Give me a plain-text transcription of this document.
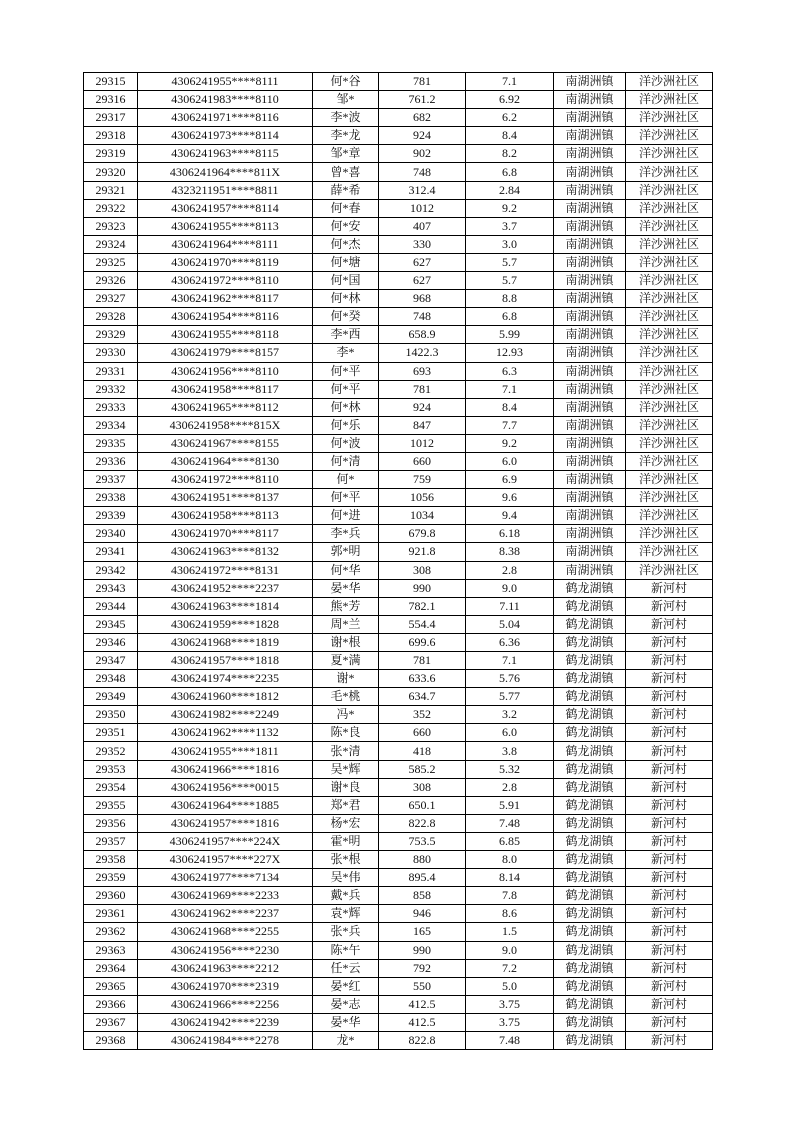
29315	4306241955****8111	何*谷	781	7.1	南湖洲镇	洋沙洲社区
29316	4306241983****8110	邹*	761.2	6.92	南湖洲镇	洋沙洲社区
29317	4306241971****8116	李*波	682	6.2	南湖洲镇	洋沙洲社区
29318	4306241973****8114	李*龙	924	8.4	南湖洲镇	洋沙洲社区
29319	4306241963****8115	邹*章	902	8.2	南湖洲镇	洋沙洲社区
29320	4306241964****811X	曾*喜	748	6.8	南湖洲镇	洋沙洲社区
29321	4323211951****8811	薛*希	312.4	2.84	南湖洲镇	洋沙洲社区
29322	4306241957****8114	何*春	1012	9.2	南湖洲镇	洋沙洲社区
29323	4306241955****8113	何*安	407	3.7	南湖洲镇	洋沙洲社区
29324	4306241964****8111	何*杰	330	3.0	南湖洲镇	洋沙洲社区
29325	4306241970****8119	何*塘	627	5.7	南湖洲镇	洋沙洲社区
29326	4306241972****8110	何*国	627	5.7	南湖洲镇	洋沙洲社区
29327	4306241962****8117	何*林	968	8.8	南湖洲镇	洋沙洲社区
29328	4306241954****8116	何*癸	748	6.8	南湖洲镇	洋沙洲社区
29329	4306241955****8118	李*西	658.9	5.99	南湖洲镇	洋沙洲社区
29330	4306241979****8157	李*	1422.3	12.93	南湖洲镇	洋沙洲社区
29331	4306241956****8110	何*平	693	6.3	南湖洲镇	洋沙洲社区
29332	4306241958****8117	何*平	781	7.1	南湖洲镇	洋沙洲社区
29333	4306241965****8112	何*林	924	8.4	南湖洲镇	洋沙洲社区
29334	4306241958****815X	何*乐	847	7.7	南湖洲镇	洋沙洲社区
29335	4306241967****8155	何*波	1012	9.2	南湖洲镇	洋沙洲社区
29336	4306241964****8130	何*清	660	6.0	南湖洲镇	洋沙洲社区
29337	4306241972****8110	何*	759	6.9	南湖洲镇	洋沙洲社区
29338	4306241951****8137	何*平	1056	9.6	南湖洲镇	洋沙洲社区
29339	4306241958****8113	何*进	1034	9.4	南湖洲镇	洋沙洲社区
29340	4306241970****8117	李*兵	679.8	6.18	南湖洲镇	洋沙洲社区
29341	4306241963****8132	郭*明	921.8	8.38	南湖洲镇	洋沙洲社区
29342	4306241972****8131	何*华	308	2.8	南湖洲镇	洋沙洲社区
29343	4306241952****2237	晏*华	990	9.0	鹤龙湖镇	新河村
29344	4306241963****1814	熊*芳	782.1	7.11	鹤龙湖镇	新河村
29345	4306241959****1828	周*兰	554.4	5.04	鹤龙湖镇	新河村
29346	4306241968****1819	谢*根	699.6	6.36	鹤龙湖镇	新河村
29347	4306241957****1818	夏*满	781	7.1	鹤龙湖镇	新河村
29348	4306241974****2235	谢*	633.6	5.76	鹤龙湖镇	新河村
29349	4306241960****1812	毛*桃	634.7	5.77	鹤龙湖镇	新河村
29350	4306241982****2249	冯*	352	3.2	鹤龙湖镇	新河村
29351	4306241962****1132	陈*良	660	6.0	鹤龙湖镇	新河村
29352	4306241955****1811	张*清	418	3.8	鹤龙湖镇	新河村
29353	4306241966****1816	吴*辉	585.2	5.32	鹤龙湖镇	新河村
29354	4306241956****0015	谢*良	308	2.8	鹤龙湖镇	新河村
29355	4306241964****1885	郑*君	650.1	5.91	鹤龙湖镇	新河村
29356	4306241957****1816	杨*宏	822.8	7.48	鹤龙湖镇	新河村
29357	4306241957****224X	霍*明	753.5	6.85	鹤龙湖镇	新河村
29358	4306241957****227X	张*根	880	8.0	鹤龙湖镇	新河村
29359	4306241977****7134	吴*伟	895.4	8.14	鹤龙湖镇	新河村
29360	4306241969****2233	戴*兵	858	7.8	鹤龙湖镇	新河村
29361	4306241962****2237	袁*辉	946	8.6	鹤龙湖镇	新河村
29362	4306241968****2255	张*兵	165	1.5	鹤龙湖镇	新河村
29363	4306241956****2230	陈*午	990	9.0	鹤龙湖镇	新河村
29364	4306241963****2212	任*云	792	7.2	鹤龙湖镇	新河村
29365	4306241970****2319	晏*红	550	5.0	鹤龙湖镇	新河村
29366	4306241966****2256	晏*志	412.5	3.75	鹤龙湖镇	新河村
29367	4306241942****2239	晏*华	412.5	3.75	鹤龙湖镇	新河村
29368	4306241984****2278	龙*	822.8	7.48	鹤龙湖镇	新河村
